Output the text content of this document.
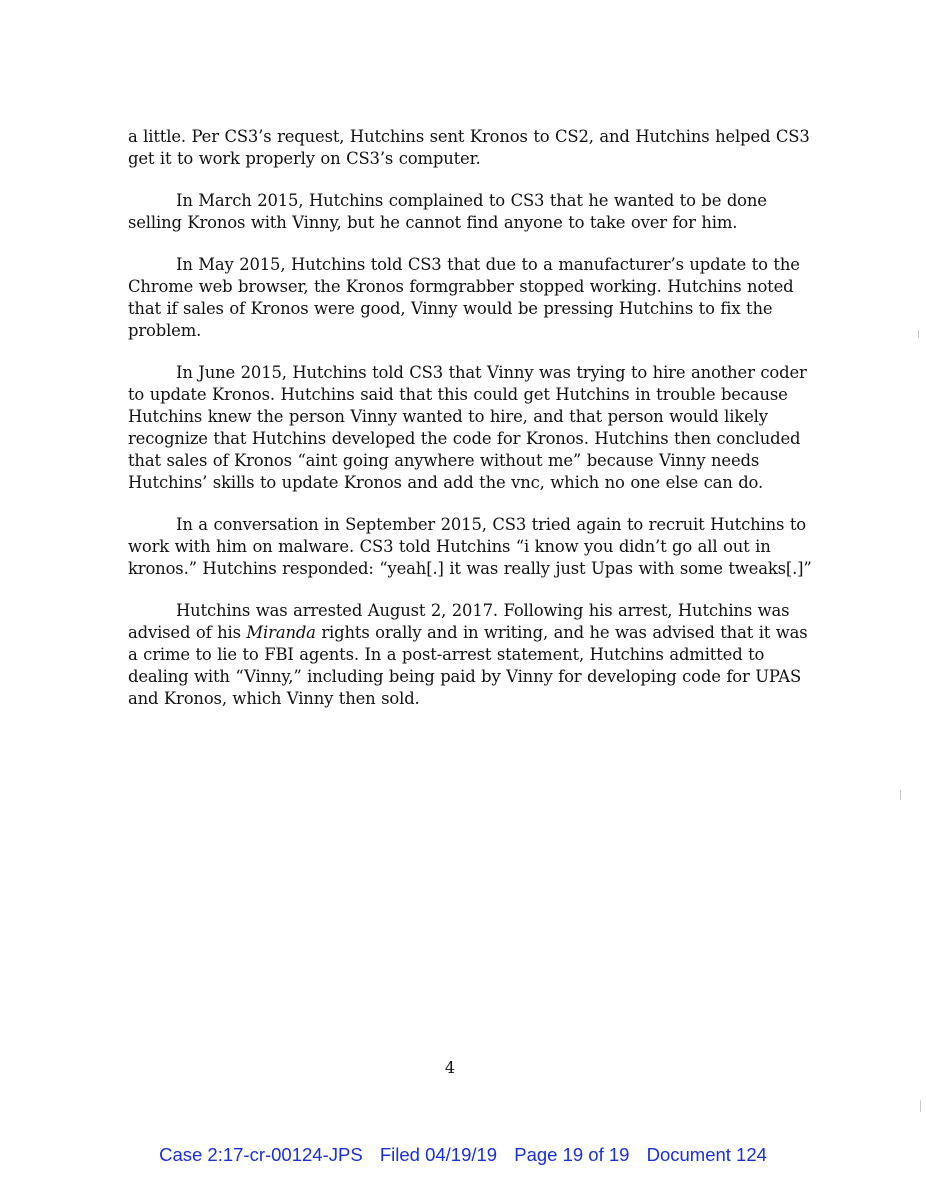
a little. Per CS3’s request, Hutchins sent Kronos to CS2, and Hutchins helped CS3
get it to work properly on CS3’s computer.

In March 2015, Hutchins complained to CS3 that he wanted to be done
selling Kronos with Vinny, but he cannot find anyone to take over for him.

In May 2015, Hutchins told CS3 that due to a manufacturer’s update to the
Chrome web browser, the Kronos formgrabber stopped working. Hutchins noted
that if sales of Kronos were good, Vinny would be pressing Hutchins to fix the
problem.

In June 2015, Hutchins told CS3 that Vinny was trying to hire another coder
to update Kronos. Hutchins said that this could get Hutchins in trouble because
Hutchins knew the person Vinny wanted to hire, and that person would likely
recognize that Hutchins developed the code for Kronos. Hutchins then concluded
that sales of Kronos “aint going anywhere without me” because Vinny needs
Hutchins’ skills to update Kronos and add the vnc, which no one else can do.

In a conversation in September 2015, CS3 tried again to recruit Hutchins to
work with him on malware. CS3 told Hutchins “i know you didn’t go all out in
kronos.” Hutchins responded: “yeah[.] it was really just Upas with some tweaks[.]”

Hutchins was arrested August 2, 2017. Following his arrest, Hutchins was
advised of his Miranda rights orally and in writing, and he was advised that it was
a crime to lie to FBI agents. In a post-arrest statement, Hutchins admitted to
dealing with “Vinny,” including being paid by Vinny for developing code for UPAS
and Kronos, which Vinny then sold.

4
Case 2:17-cr-00124-JPS Filed 04/19/19 Page 19 of 19 Document 124
